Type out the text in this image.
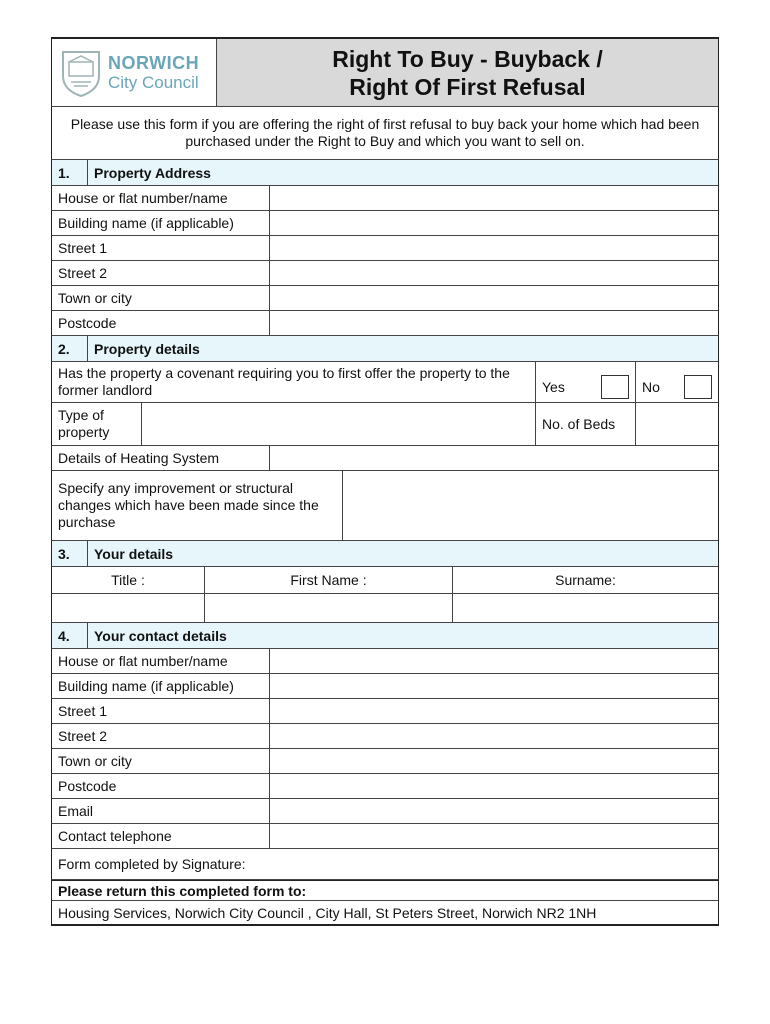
NORWICH
City Council
Right To Buy - Buyback /
Right Of First Refusal
Please use this form if you are offering the right of first refusal to buy back your home which had been purchased under the Right to Buy and which you want to sell on.
1.	Property Address
House or flat number/name
Building name (if applicable)
Street 1
Street 2
Town or city
Postcode
2.	Property details
Has the property a covenant requiring you to first offer the property to the former landlord	Yes	No
Type of property	No. of Beds
Details of Heating System
Specify any improvement or structural changes which have been made since the purchase
3.	Your details
Title :	First Name :	Surname:
4.	Your contact details
House or flat number/name
Building name (if applicable)
Street 1
Street 2
Town or city
Postcode
Email
Contact telephone
Form completed by Signature:
Please return this completed form to:
Housing Services, Norwich City Council , City Hall, St Peters Street, Norwich NR2 1NH
